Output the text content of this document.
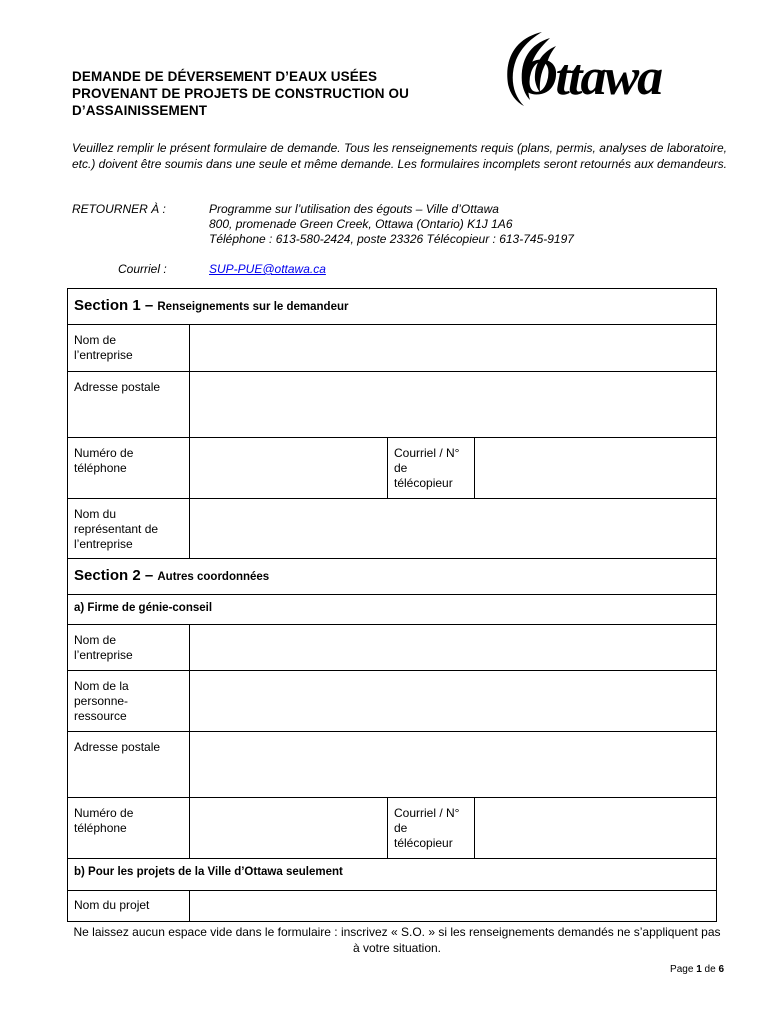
DEMANDE DE DÉVERSEMENT D’EAUX USÉES
PROVENANT DE PROJETS DE CONSTRUCTION OU
D’ASSAINISSEMENT
Ottawa

Veuillez remplir le présent formulaire de demande. Tous les renseignements requis (plans, permis, analyses de laboratoire, etc.) doivent être soumis dans une seule et même demande. Les formulaires incomplets seront retournés aux demandeurs.

RETOURNER À :	Programme sur l’utilisation des égouts – Ville d’Ottawa
800, promenade Green Creek, Ottawa (Ontario) K1J 1A6
Téléphone : 613-580-2424, poste 23326 Télécopieur : 613-745-9197
Courriel :	SUP-PUE@ottawa.ca
Section 1 – Renseignements sur le demandeur
Nom de
l’entreprise
Adresse postale
Numéro de
téléphone
Courriel / N°
de
télécopieur
Nom du
représentant de
l’entreprise
Section 2 – Autres coordonnées
a) Firme de génie-conseil
Nom de
l’entreprise
Nom de la
personne-
ressource
Adresse postale
Numéro de
téléphone
Courriel / N°
de
télécopieur
b) Pour les projets de la Ville d’Ottawa seulement
Nom du projet

Ne laissez aucun espace vide dans le formulaire : inscrivez « S.O. » si les renseignements demandés ne s’appliquent pas à votre situation.

Page 1 de 6
